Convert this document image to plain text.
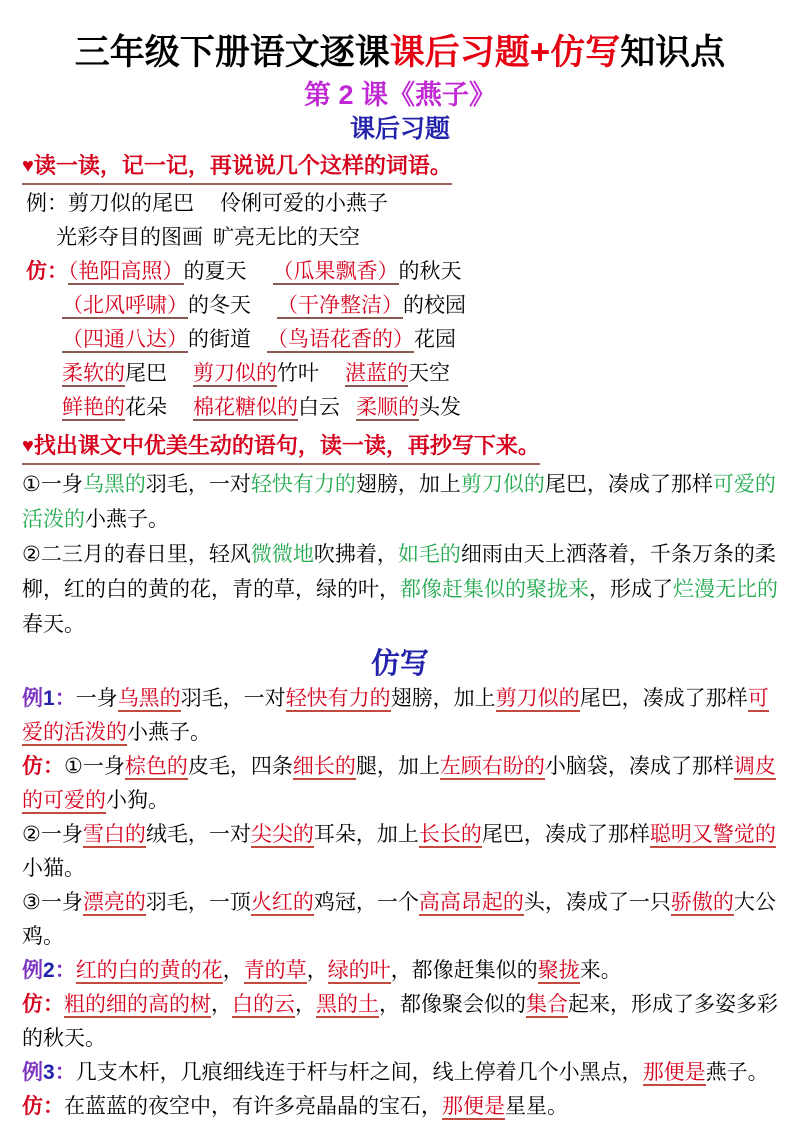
三年级下册语文逐课课后习题+仿写知识点
第 2 课《燕子》
课后习题
♥读一读，记一记，再说说几个这样的词语。
例：剪刀似的尾巴 伶俐可爱的小燕子
光彩夺目的图画 旷亮无比的天空
仿：（艳阳高照）的夏天 （瓜果飘香）的秋天
（北风呼啸）的冬天 （干净整洁）的校园
（四通八达）的街道 （鸟语花香的）花园
柔软的尾巴 剪刀似的竹叶 湛蓝的天空
鲜艳的花朵 棉花糖似的白云 柔顺的头发
♥找出课文中优美生动的语句，读一读，再抄写下来。
①一身乌黑的羽毛，一对轻快有力的翅膀，加上剪刀似的尾巴，凑成了那样可爱的活泼的小燕子。
②二三月的春日里，轻风微微地吹拂着，如毛的细雨由天上洒落着，千条万条的柔柳，红的白的黄的花，青的草，绿的叶，都像赶集似的聚拢来，形成了烂漫无比的春天。
仿写
例1：一身乌黑的羽毛，一对轻快有力的翅膀，加上剪刀似的尾巴，凑成了那样可爱的活泼的小燕子。
仿：①一身棕色的皮毛，四条细长的腿，加上左顾右盼的小脑袋，凑成了那样调皮的可爱的小狗。
②一身雪白的绒毛，一对尖尖的耳朵，加上长长的尾巴，凑成了那样聪明又警觉的小猫。
③一身漂亮的羽毛，一顶火红的鸡冠，一个高高昂起的头，凑成了一只骄傲的大公鸡。
例2：红的白的黄的花，青的草，绿的叶，都像赶集似的聚拢来。
仿：粗的细的高的树，白的云，黑的土，都像聚会似的集合起来，形成了多姿多彩的秋天。
例3：几支木杆，几痕细线连于杆与杆之间，线上停着几个小黑点，那便是燕子。
仿：在蓝蓝的夜空中，有许多亮晶晶的宝石，那便是星星。
